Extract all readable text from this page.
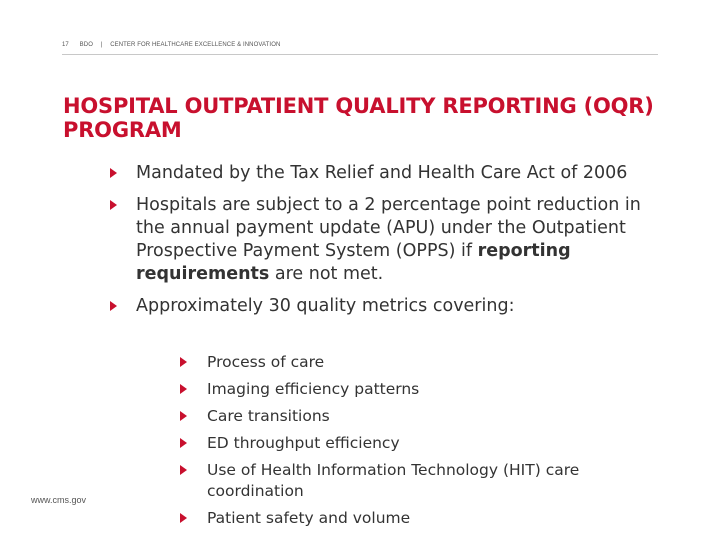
17 BDO | CENTER FOR HEALTHCARE EXCELLENCE & INNOVATION
HOSPITAL OUTPATIENT QUALITY REPORTING (OQR) PROGRAM
Mandated by the Tax Relief and Health Care Act of 2006
Hospitals are subject to a 2 percentage point reduction in the annual payment update (APU) under the Outpatient Prospective Payment System (OPPS) if reporting requirements are not met.
Approximately 30 quality metrics covering:
Process of care
Imaging efficiency patterns
Care transitions
ED throughput efficiency
Use of Health Information Technology (HIT) care coordination
Patient safety and volume
www.cms.gov
